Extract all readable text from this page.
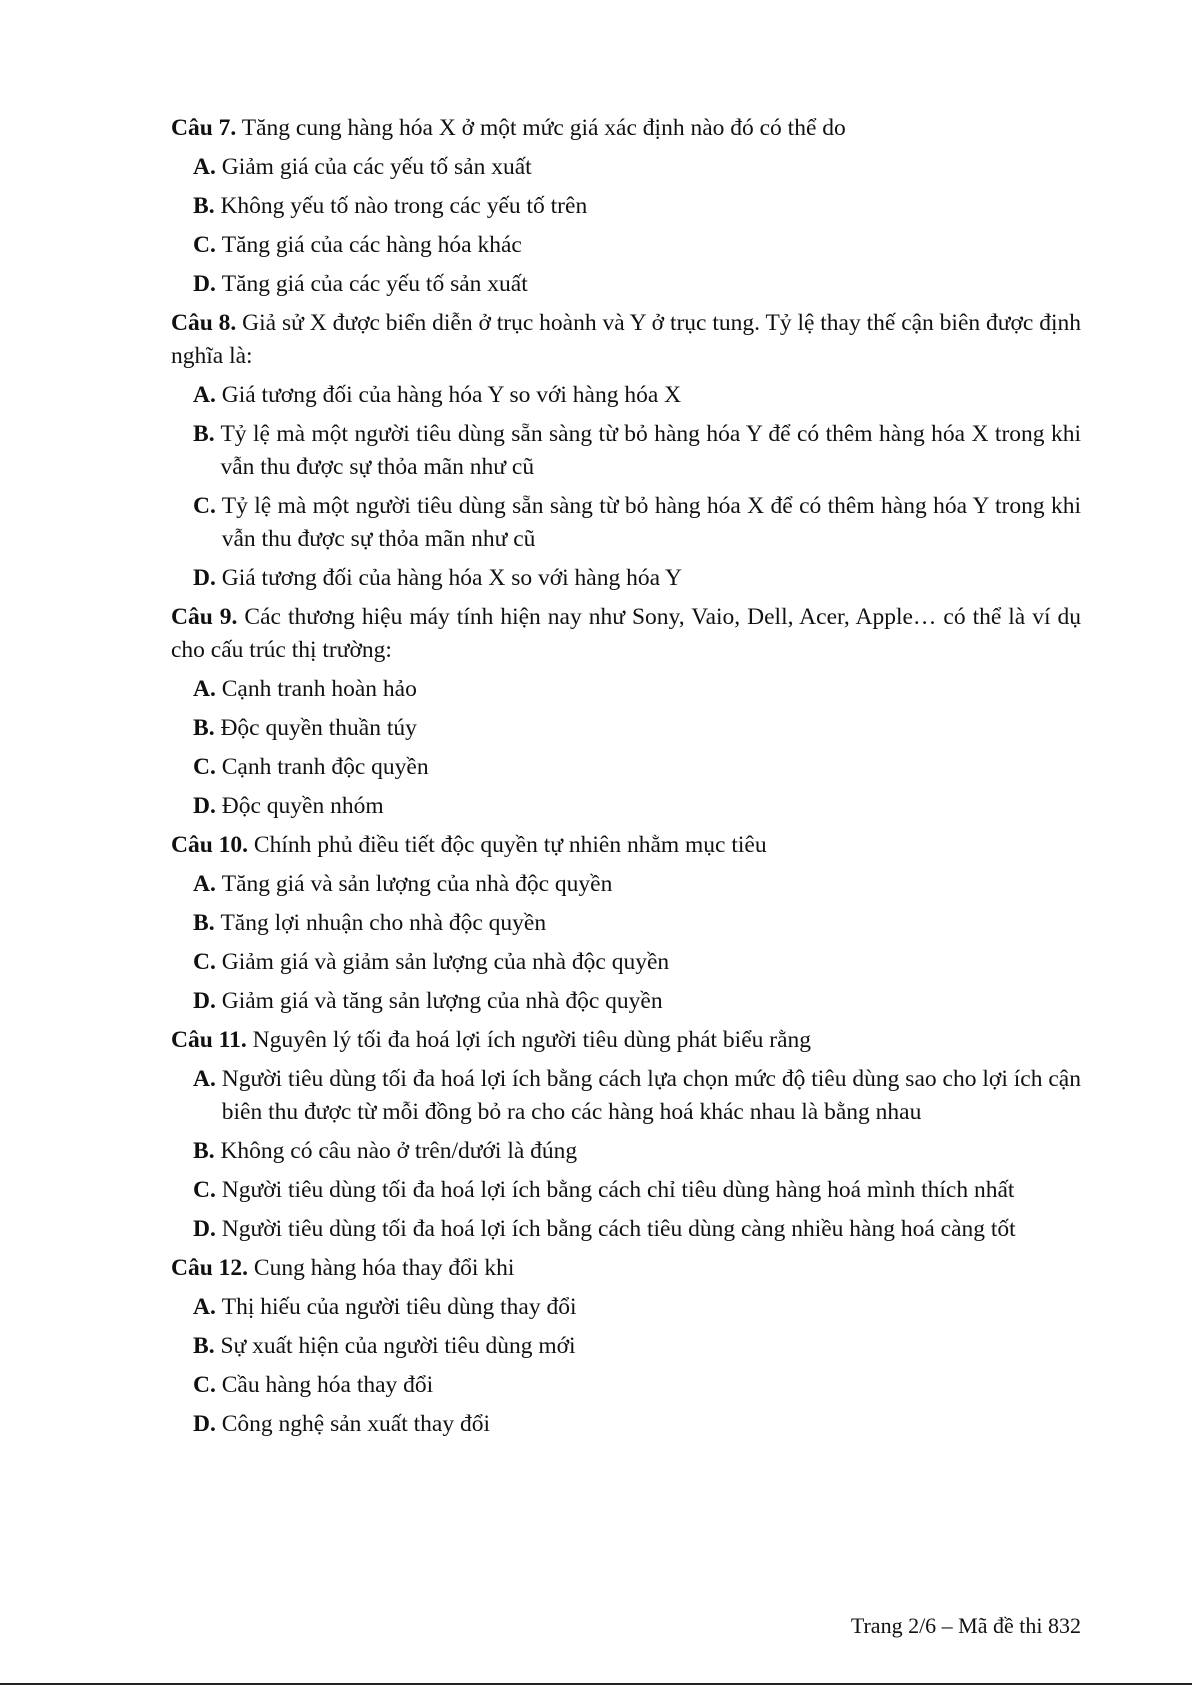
Câu 7. Tăng cung hàng hóa X ở một mức giá xác định nào đó có thể do
A. Giảm giá của các yếu tố sản xuất
B. Không yếu tố nào trong các yếu tố trên
C. Tăng giá của các hàng hóa khác
D. Tăng giá của các yếu tố sản xuất
Câu 8. Giả sử X được biển diễn ở trục hoành và Y ở trục tung. Tỷ lệ thay thế cận biên được định nghĩa là:
A. Giá tương đối của hàng hóa Y so với hàng hóa X
B. Tỷ lệ mà một người tiêu dùng sẵn sàng từ bỏ hàng hóa Y để có thêm hàng hóa X trong khi vẫn thu được sự thỏa mãn như cũ
C. Tỷ lệ mà một người tiêu dùng sẵn sàng từ bỏ hàng hóa X để có thêm hàng hóa Y trong khi vẫn thu được sự thỏa mãn như cũ
D. Giá tương đối của hàng hóa X so với hàng hóa Y
Câu 9. Các thương hiệu máy tính hiện nay như Sony, Vaio, Dell, Acer, Apple… có thể là ví dụ cho cấu trúc thị trường:
A. Cạnh tranh hoàn hảo
B. Độc quyền thuần túy
C. Cạnh tranh độc quyền
D. Độc quyền nhóm
Câu 10. Chính phủ điều tiết độc quyền tự nhiên nhằm mục tiêu
A. Tăng giá và sản lượng của nhà độc quyền
B. Tăng lợi nhuận cho nhà độc quyền
C. Giảm giá và giảm sản lượng của nhà độc quyền
D. Giảm giá và tăng sản lượng của nhà độc quyền
Câu 11. Nguyên lý tối đa hoá lợi ích người tiêu dùng phát biểu rằng
A. Người tiêu dùng tối đa hoá lợi ích bằng cách lựa chọn mức độ tiêu dùng sao cho lợi ích cận biên thu được từ mỗi đồng bỏ ra cho các hàng hoá khác nhau là bằng nhau
B. Không có câu nào ở trên/dưới là đúng
C. Người tiêu dùng tối đa hoá lợi ích bằng cách chỉ tiêu dùng hàng hoá mình thích nhất
D. Người tiêu dùng tối đa hoá lợi ích bằng cách tiêu dùng càng nhiều hàng hoá càng tốt
Câu 12. Cung hàng hóa thay đổi khi
A. Thị hiếu của người tiêu dùng thay đổi
B. Sự xuất hiện của người tiêu dùng mới
C. Cầu hàng hóa thay đổi
D. Công nghệ sản xuất thay đổi
Trang 2/6 – Mã đề thi 832
